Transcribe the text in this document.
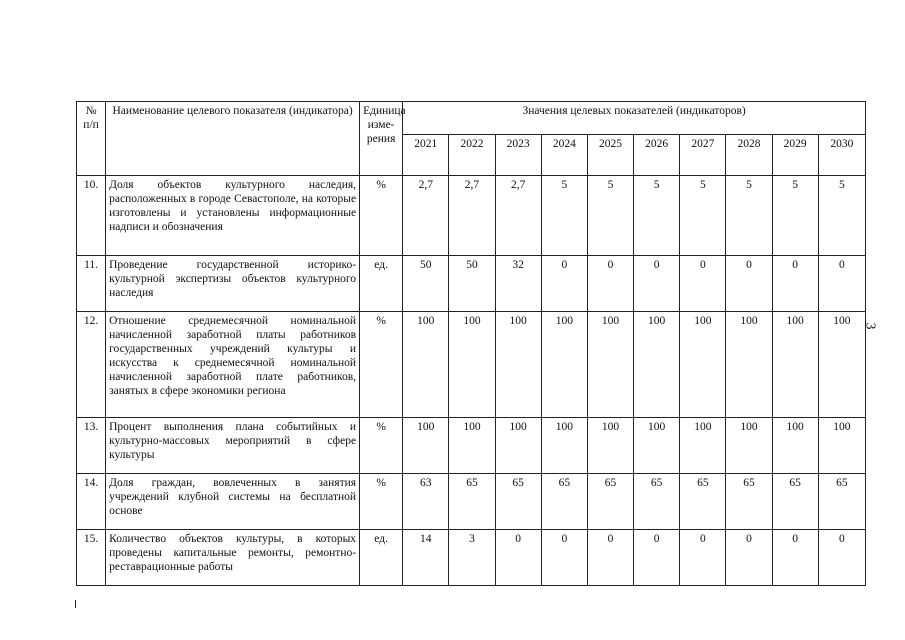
№ п/п	Наименование целевого показателя (индикатора)	Единица изме-рения	Значения целевых показателей (индикаторов)									
			2021	2022	2023	2024	2025	2026	2027	2028	2029	2030
10.	Доля объектов культурного наследия, расположенных в городе Севастополе, на которые изготовлены и установлены информационные надписи и обозначения	%	2,7	2,7	2,7	5	5	5	5	5	5	5
11.	Проведение государственной историко-культурной экспертизы объектов культурного наследия	ед.	50	50	32	0	0	0	0	0	0	0
12.	Отношение среднемесячной номинальной начисленной заработной платы работников государственных учреждений культуры и искусства к среднемесячной номинальной начисленной заработной плате работников, занятых в сфере экономики региона	%	100	100	100	100	100	100	100	100	100	100
13.	Процент выполнения плана событийных и культурно-массовых мероприятий в сфере культуры	%	100	100	100	100	100	100	100	100	100	100
14.	Доля граждан, вовлеченных в занятия учреждений клубной системы на бесплатной основе	%	63	65	65	65	65	65	65	65	65	65
15.	Количество объектов культуры, в которых проведены капитальные ремонты, ремонтно-реставрационные работы	ед.	14	3	0	0	0	0	0	0	0	0
3
